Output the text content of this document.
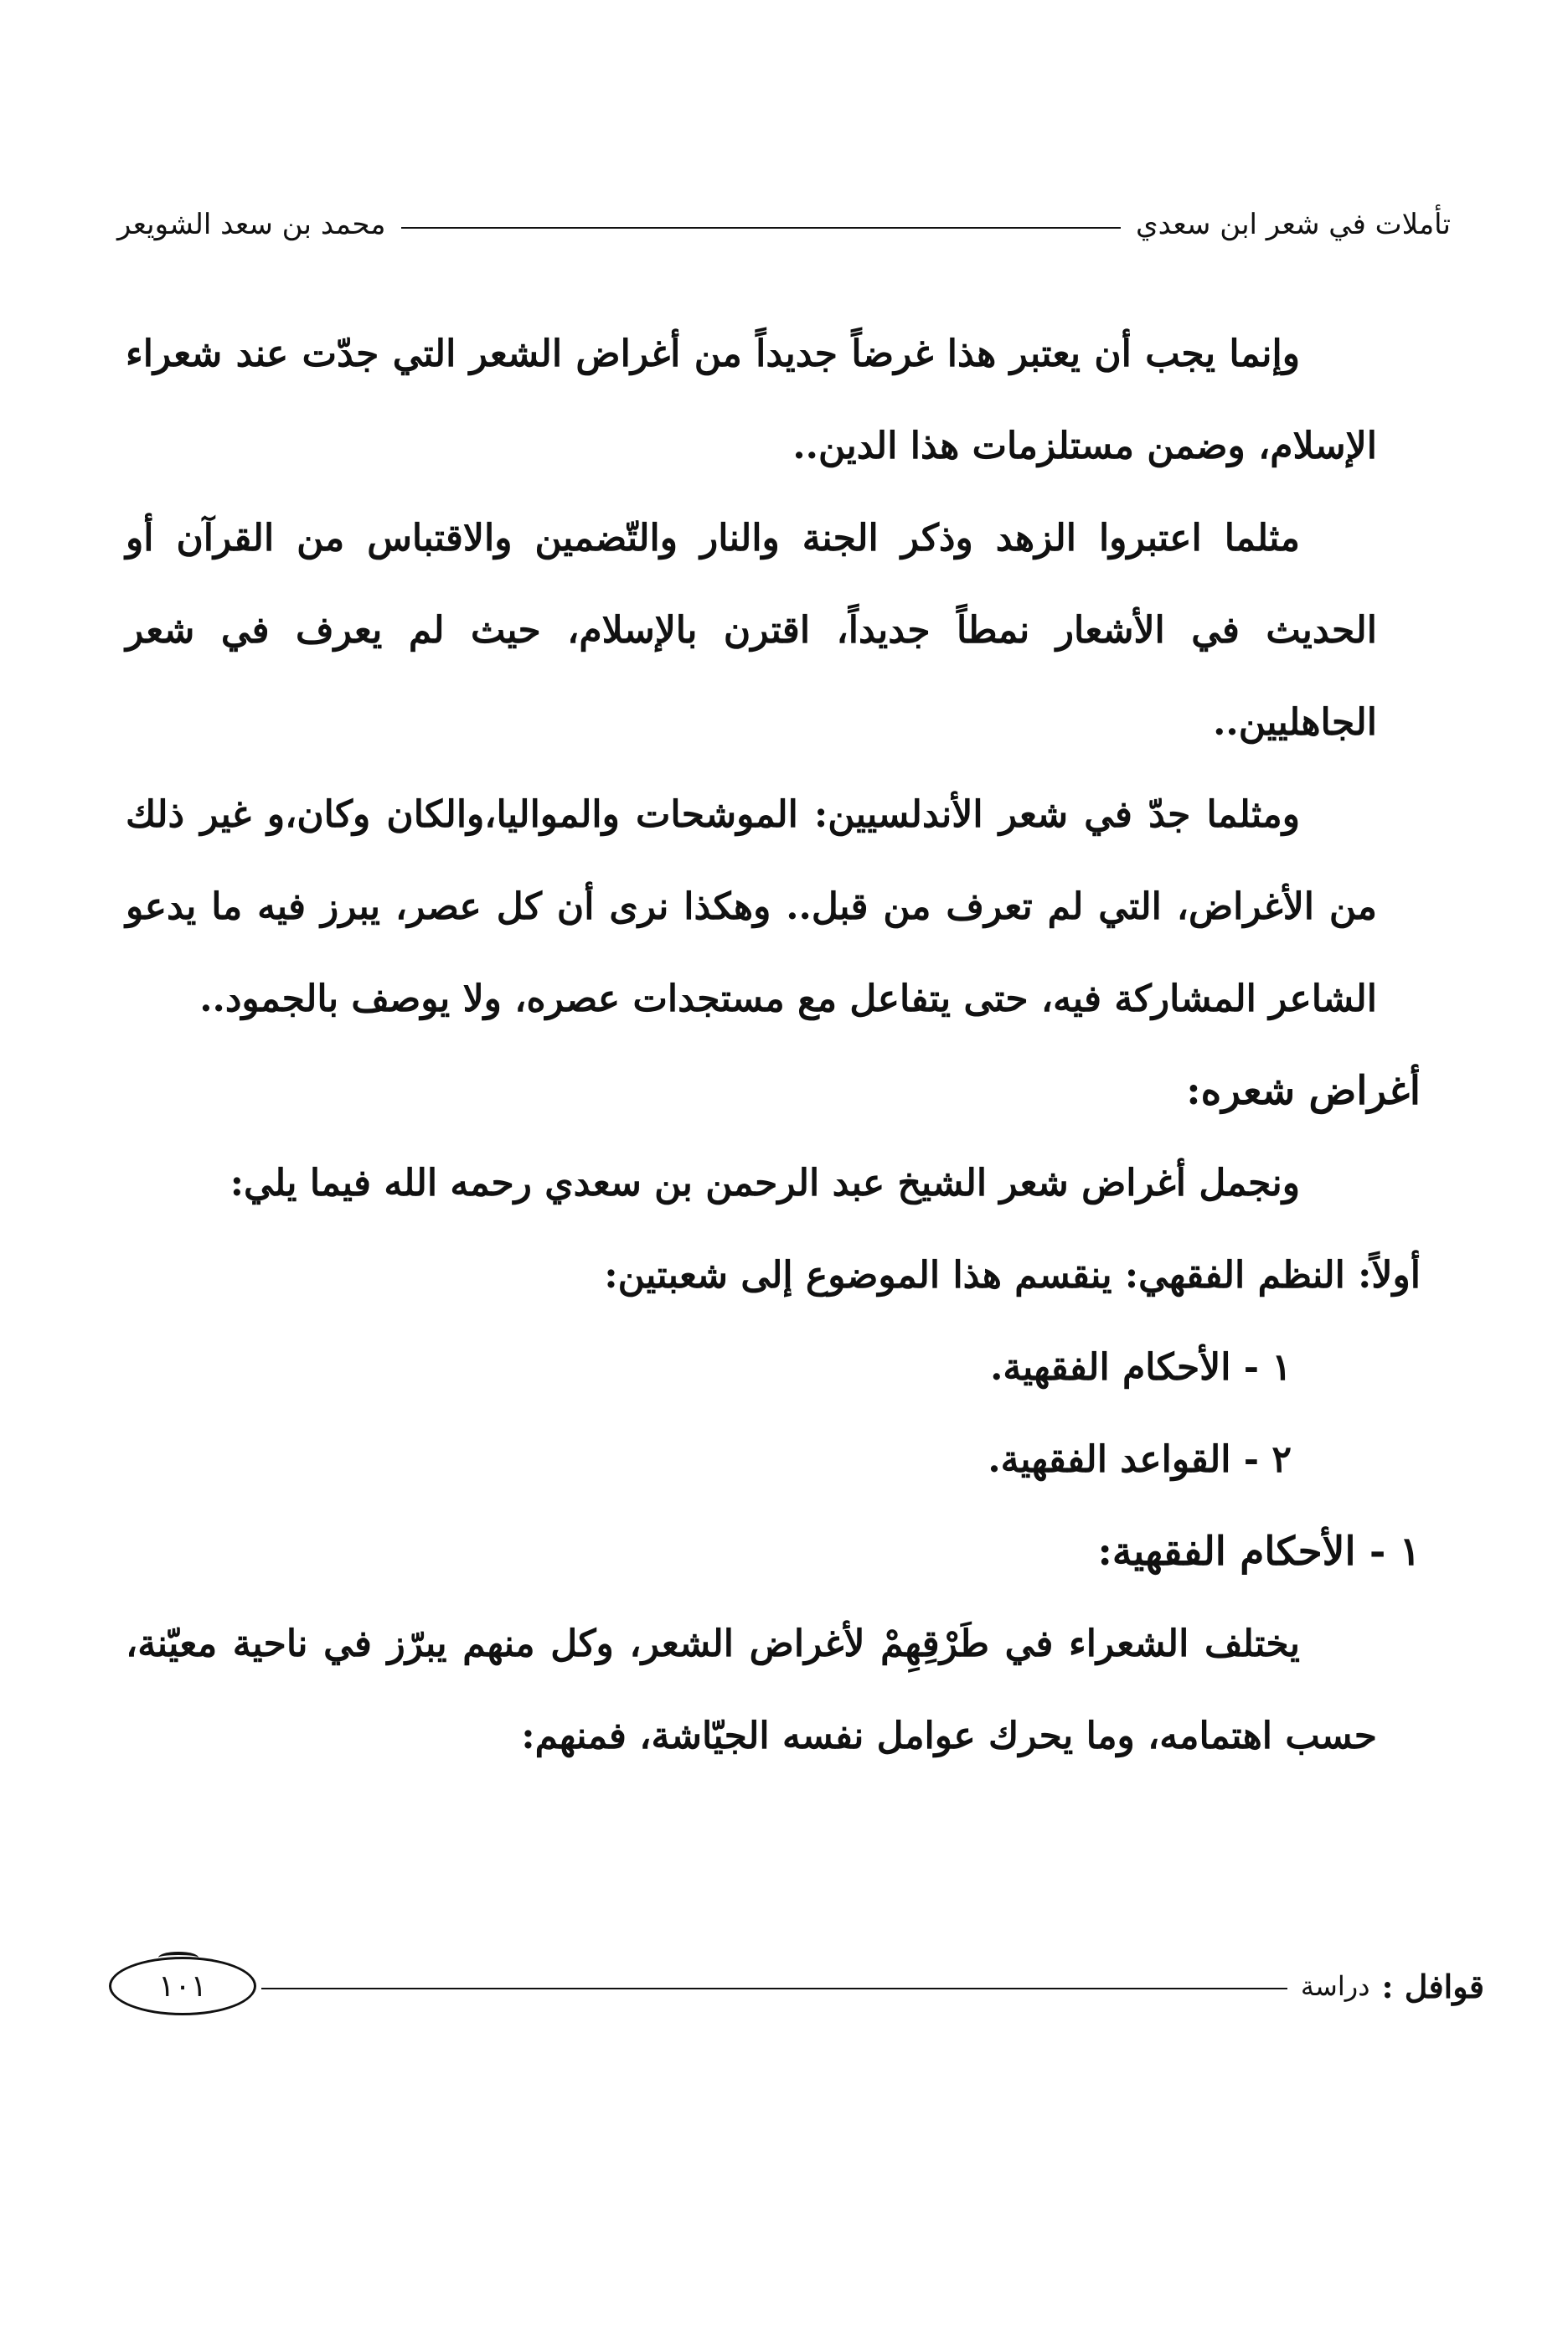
تأملات في شعر ابن سعدي
محمد بن سعد الشويعر

وإنما يجب أن يعتبر هذا غرضاً جديداً من أغراض الشعر التي جدّت عند شعراء الإسلام، وضمن مستلزمات هذا الدين..

مثلما اعتبروا الزهد وذكر الجنة والنار والتّضمين والاقتباس من القرآن أو الحديث في الأشعار نمطاً جديداً، اقترن بالإسلام، حيث لم يعرف في شعر الجاهليين..

ومثلما جدّ في شعر الأندلسيين: الموشحات والمواليا،والكان وكان،و غير ذلك من الأغراض، التي لم تعرف من قبل.. وهكذا نرى أن كل عصر، يبرز فيه ما يدعو الشاعر المشاركة فيه، حتى يتفاعل مع مستجدات عصره، ولا يوصف بالجمود..

أغراض شعره:

ونجمل أغراض شعر الشيخ عبد الرحمن بن سعدي رحمه الله فيما يلي:

أولاً: النظم الفقهي: ينقسم هذا الموضوع إلى شعبتين:

١ - الأحكام الفقهية.

٢ - القواعد الفقهية.

١ - الأحكام الفقهية:

يختلف الشعراء في طَرْقِهِمْ لأغراض الشعر، وكل منهم يبرّز في ناحية معيّنة، حسب اهتمامه، وما يحرك عوامل نفسه الجيّاشة، فمنهم:

قوافل :
دراسة
١٠١
